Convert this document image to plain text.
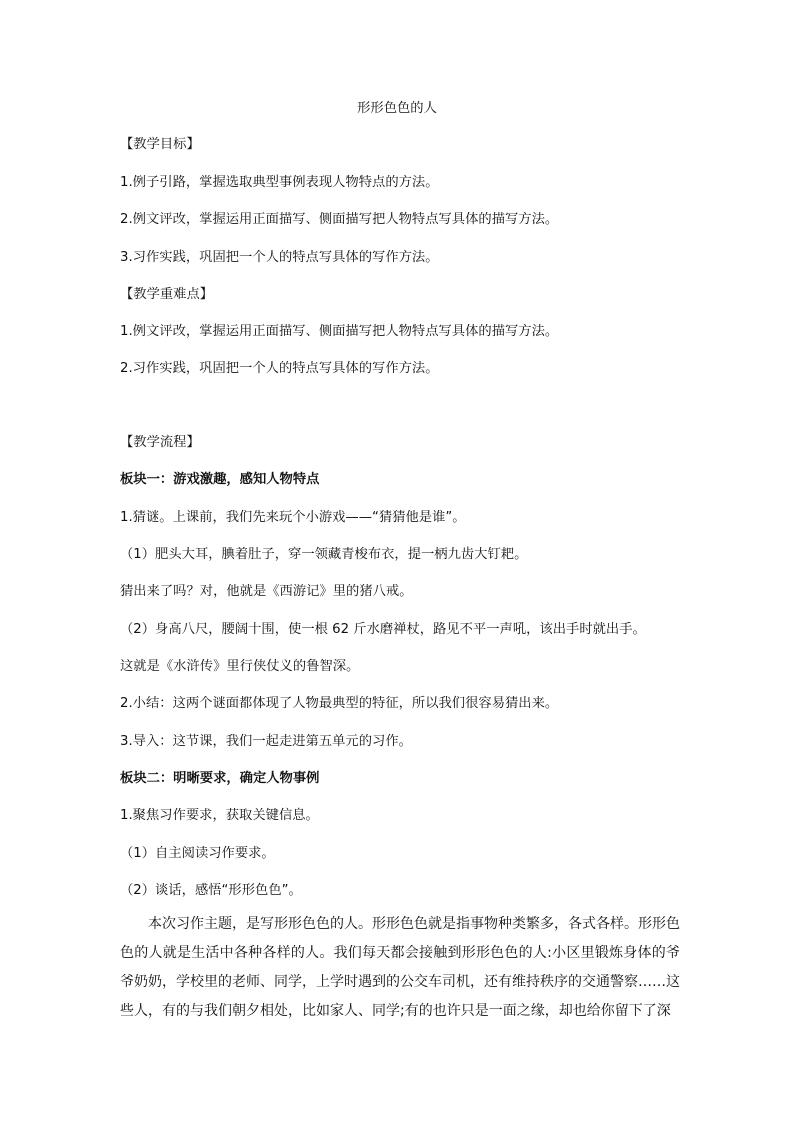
形形色色的人
【教学目标】
1.例子引路，掌握选取典型事例表现人物特点的方法。
2.例文评改，掌握运用正面描写、侧面描写把人物特点写具体的描写方法。
3.习作实践，巩固把一个人的特点写具体的写作方法。
【教学重难点】
1.例文评改，掌握运用正面描写、侧面描写把人物特点写具体的描写方法。
2.习作实践，巩固把一个人的特点写具体的写作方法。
【教学流程】
板块一：游戏激趣，感知人物特点
1.猜谜。上课前，我们先来玩个小游戏——“猜猜他是谁”。
（1）肥头大耳，腆着肚子，穿一领藏青梭布衣，提一柄九齿大钉耙。
猜出来了吗？对，他就是《西游记》里的猪八戒。
（2）身高八尺，腰阔十围，使一根 62 斤水磨禅杖，路见不平一声吼，该出手时就出手。
这就是《水浒传》里行侠仗义的鲁智深。
2.小结：这两个谜面都体现了人物最典型的特征，所以我们很容易猜出来。
3.导入：这节课，我们一起走进第五单元的习作。
板块二：明晰要求，确定人物事例
1.聚焦习作要求，获取关键信息。
（1）自主阅读习作要求。
（2）谈话，感悟“形形色色”。
本次习作主题，是写形形色色的人。形形色色就是指事物种类繁多，各式各样。形形色色的人就是生活中各种各样的人。我们每天都会接触到形形色色的人:小区里锻炼身体的爷爷奶奶，学校里的老师、同学，上学时遇到的公交车司机，还有维持秩序的交通警察……这些人，有的与我们朝夕相处，比如家人、同学;有的也许只是一面之缘，却也给你留下了深
